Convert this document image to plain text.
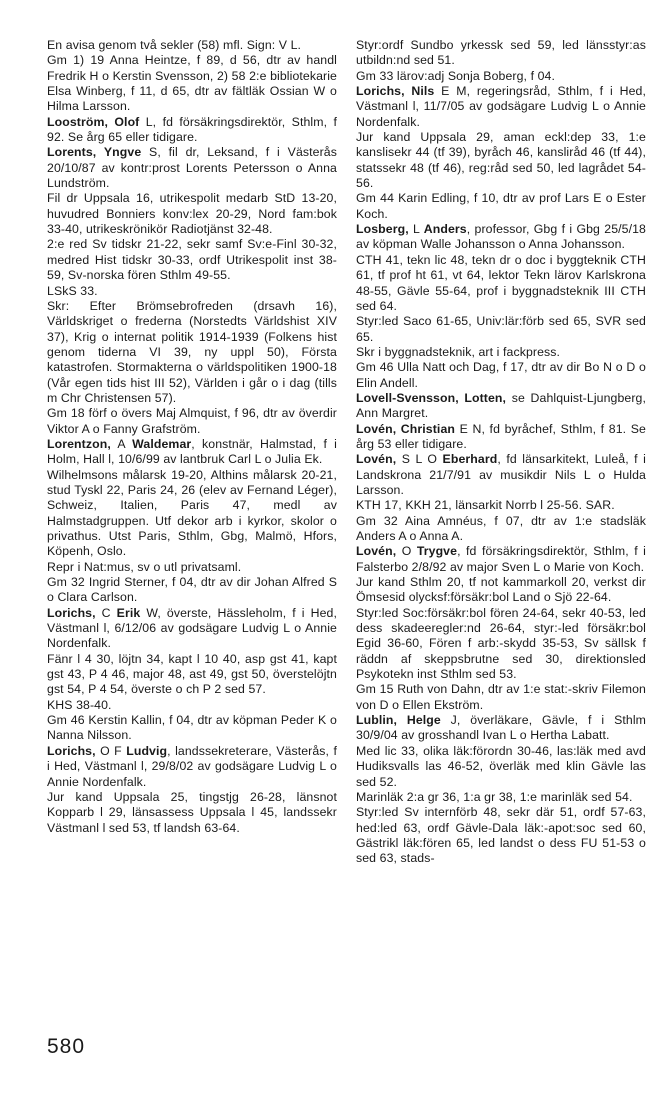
En avisa genom två sekler (58) mfl. Sign: V L.

Gm 1) 19 Anna Heintze, f 89, d 56, dtr av handl Fredrik H o Kerstin Svensson, 2) 58 2:e bibliotekarie Elsa Winberg, f 11, d 65, dtr av fältläk Ossian W o Hilma Larsson.

Looström, Olof L, fd försäkringsdirektör, Sthlm, f 92. Se årg 65 eller tidigare.

Lorents, Yngve S, fil dr, Leksand, f i Västerås 20/10/87 av kontr:prost Lorents Petersson o Anna Lundström.

Fil dr Uppsala 16, utrikespolit medarb StD 13-20, huvudred Bonniers konv:lex 20-29, Nord fam:bok 33-40, utrikeskrönikör Radiotjänst 32-48.

2:e red Sv tidskr 21-22, sekr samf Sv:e-Finl 30-32, medred Hist tidskr 30-33, ordf Utrikespolit inst 38-59, Sv-norska fören Sthlm 49-55.

LSkS 33.

Skr: Efter Brömsebrofreden (drsavh 16), Världskriget o frederna (Norstedts Världshist XIV 37), Krig o internat politik 1914-1939 (Folkens hist genom tiderna VI 39, ny uppl 50), Första katastrofen. Stormakterna o världspolitiken 1900-18 (Vår egen tids hist III 52), Världen i går o i dag (tills m Chr Christensen 57).

Gm 18 förf o övers Maj Almquist, f 96, dtr av överdir Viktor A o Fanny Grafström.

Lorentzon, A Waldemar, konstnär, Halmstad, f i Holm, Hall l, 10/6/99 av lantbruk Carl L o Julia Ek.

Wilhelmsons målarsk 19-20, Althins målarsk 20-21, stud Tyskl 22, Paris 24, 26 (elev av Fernand Léger), Schweiz, Italien, Paris 47, medl av Halmstadgruppen. Utf dekor arb i kyrkor, skolor o privathus. Utst Paris, Sthlm, Gbg, Malmö, Hfors, Köpenh, Oslo.

Repr i Nat:mus, sv o utl privatsaml.

Gm 32 Ingrid Sterner, f 04, dtr av dir Johan Alfred S o Clara Carlson.

Lorichs, C Erik W, överste, Hässleholm, f i Hed, Västmanl l, 6/12/06 av godsägare Ludvig L o Annie Nordenfalk.

Fänr l 4 30, löjtn 34, kapt l 10 40, asp gst 41, kapt gst 43, P 4 46, major 48, ast 49, gst 50, överstelöjtn gst 54, P 4 54, överste o ch P 2 sed 57.

KHS 38-40.

Gm 46 Kerstin Kallin, f 04, dtr av köpman Peder K o Nanna Nilsson.

Lorichs, O F Ludvig, landssekreterare, Västerås, f i Hed, Västmanl l, 29/8/02 av godsägare Ludvig L o Annie Nordenfalk.

Jur kand Uppsala 25, tingstjg 26-28, länsnot Kopparb l 29, länsassess Uppsala l 45, landssekr Västmanl l sed 53, tf landsh 63-64.

Styr:ordf Sundbo yrkessk sed 59, led länsstyr:as utbildn:nd sed 51.

Gm 33 lärov:adj Sonja Boberg, f 04.

Lorichs, Nils E M, regeringsråd, Sthlm, f i Hed, Västmanl l, 11/7/05 av godsägare Ludvig L o Annie Nordenfalk.

Jur kand Uppsala 29, aman eckl:dep 33, 1:e kanslisekr 44 (tf 39), byråch 46, kansliråd 46 (tf 44), statssekr 48 (tf 46), reg:råd sed 50, led lagrådet 54-56.

Gm 44 Karin Edling, f 10, dtr av prof Lars E o Ester Koch.

Losberg, L Anders, professor, Gbg f i Gbg 25/5/18 av köpman Walle Johansson o Anna Johansson.

CTH 41, tekn lic 48, tekn dr o doc i byggteknik CTH 61, tf prof ht 61, vt 64, lektor Tekn lärov Karlskrona 48-55, Gävle 55-64, prof i byggnadsteknik III CTH sed 64.

Styr:led Saco 61-65, Univ:lär:förb sed 65, SVR sed 65.

Skr i byggnadsteknik, art i fackpress.

Gm 46 Ulla Natt och Dag, f 17, dtr av dir Bo N o D o Elin Andell.

Lovell-Svensson, Lotten, se Dahlquist-Ljungberg, Ann Margret.

Lovén, Christian E N, fd byråchef, Sthlm, f 81. Se årg 53 eller tidigare.

Lovén, S L O Eberhard, fd länsarkitekt, Luleå, f i Landskrona 21/7/91 av musikdir Nils L o Hulda Larsson.

KTH 17, KKH 21, länsarkit Norrb l 25-56. SAR.

Gm 32 Aina Amnéus, f 07, dtr av 1:e stadsläk Anders A o Anna A.

Lovén, O Trygve, fd försäkringsdirektör, Sthlm, f i Falsterbo 2/8/92 av major Sven L o Marie von Koch.

Jur kand Sthlm 20, tf not kammarkoll 20, verkst dir Ömsesid olycksf:försäkr:bol Land o Sjö 22-64.

Styr:led Soc:försäkr:bol fören 24-64, sekr 40-53, led dess skadeeregler:nd 26-64, styr:-led försäkr:bol Egid 36-60, Fören f arb:-skydd 35-53, Sv sällsk f räddn af skeppsbrutne sed 30, direktionsled Psykotekn inst Sthlm sed 53.

Gm 15 Ruth von Dahn, dtr av 1:e stat:-skriv Filemon von D o Ellen Ekström.

Lublin, Helge J, överläkare, Gävle, f i Sthlm 30/9/04 av grosshandl Ivan L o Hertha Labatt.

Med lic 33, olika läk:förordn 30-46, las:läk med avd Hudiksvalls las 46-52, överläk med klin Gävle las sed 52.

Marinläk 2:a gr 36, 1:a gr 38, 1:e marinläk sed 54.

Styr:led Sv internförb 48, sekr där 51, ordf 57-63, hed:led 63, ordf Gävle-Dala läk:-apot:soc sed 60, Gästrikl läk:fören 65, led landst o dess FU 51-53 o sed 63, stads-

580
